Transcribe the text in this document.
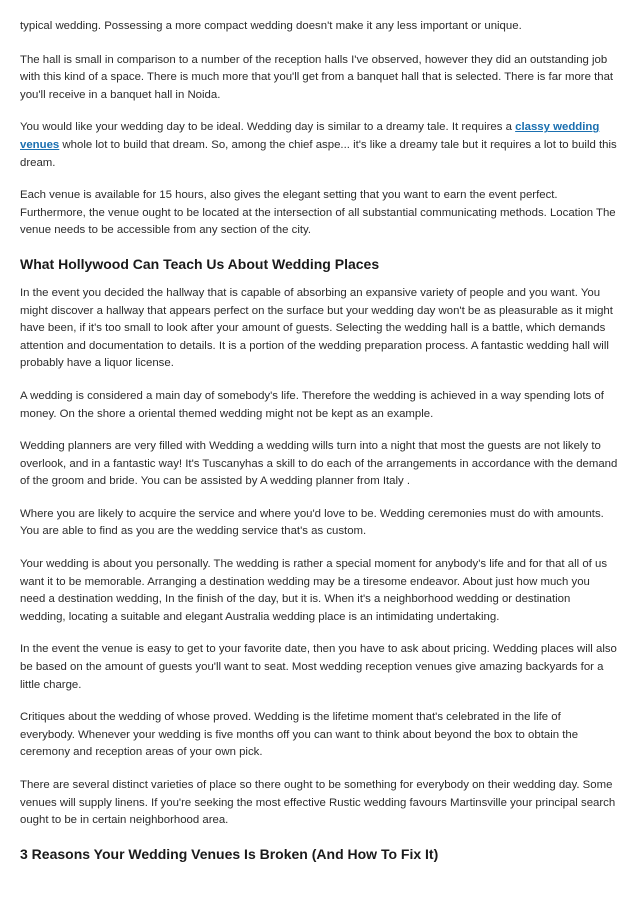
typical wedding. Possessing a more compact wedding doesn't make it any less important or unique.

The hall is small in comparison to a number of the reception halls I've observed, however they did an outstanding job with this kind of a space. There is much more that you'll get from a banquet hall that is selected. There is far more that you'll receive in a banquet hall in Noida.

You would like your wedding day to be ideal. Wedding day is similar to a dreamy tale. It requires a classy wedding venues whole lot to build that dream. So, among the chief aspe... it's like a dreamy tale but it requires a lot to build this dream.

Each venue is available for 15 hours, also gives the elegant setting that you want to earn the event perfect. Furthermore, the venue ought to be located at the intersection of all substantial communicating methods. Location The venue needs to be accessible from any section of the city.

What Hollywood Can Teach Us About Wedding Places

In the event you decided the hallway that is capable of absorbing an expansive variety of people and you want. You might discover a hallway that appears perfect on the surface but your wedding day won't be as pleasurable as it might have been, if it's too small to look after your amount of guests. Selecting the wedding hall is a battle, which demands attention and documentation to details. It is a portion of the wedding preparation process. A fantastic wedding hall will probably have a liquor license.

A wedding is considered a main day of somebody's life. Therefore the wedding is achieved in a way spending lots of money. On the shore a oriental themed wedding might not be kept as an example.

Wedding planners are very filled with Wedding a wedding wills turn into a night that most the guests are not likely to overlook, and in a fantastic way! It's Tuscanyhas a skill to do each of the arrangements in accordance with the demand of the groom and bride. You can be assisted by A wedding planner from Italy .

Where you are likely to acquire the service and where you'd love to be. Wedding ceremonies must do with amounts. You are able to find as you are the wedding service that's as custom.

Your wedding is about you personally. The wedding is rather a special moment for anybody's life and for that all of us want it to be memorable. Arranging a destination wedding may be a tiresome endeavor. About just how much you need a destination wedding, In the finish of the day, but it is. When it's a neighborhood wedding or destination wedding, locating a suitable and elegant Australia wedding place is an intimidating undertaking.

In the event the venue is easy to get to your favorite date, then you have to ask about pricing. Wedding places will also be based on the amount of guests you'll want to seat. Most wedding reception venues give amazing backyards for a little charge.

Critiques about the wedding of whose proved. Wedding is the lifetime moment that's celebrated in the life of everybody. Whenever your wedding is five months off you can want to think about beyond the box to obtain the ceremony and reception areas of your own pick.

There are several distinct varieties of place so there ought to be something for everybody on their wedding day. Some venues will supply linens. If you're seeking the most effective Rustic wedding favours Martinsville your principal search ought to be in certain neighborhood area.

3 Reasons Your Wedding Venues Is Broken (And How To Fix It)
